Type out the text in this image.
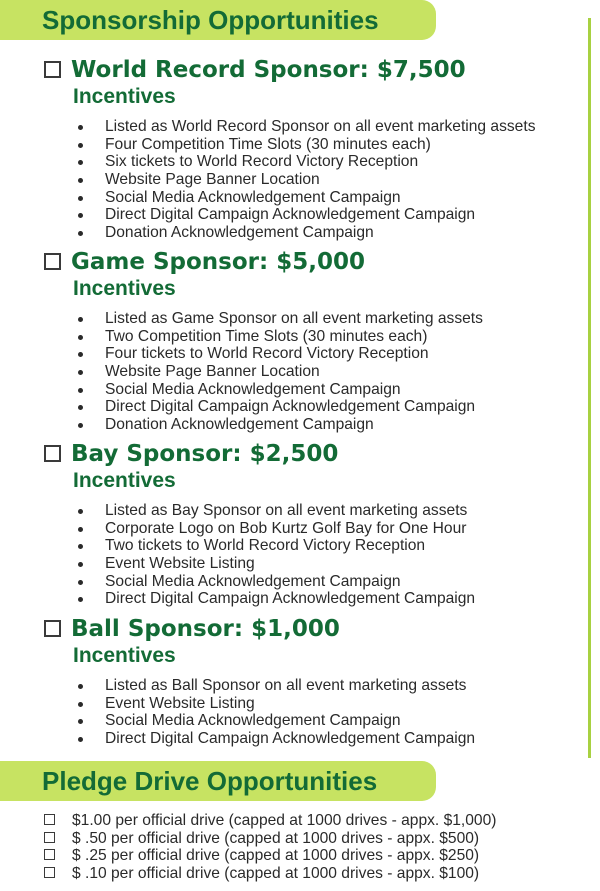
Sponsorship Opportunities
World Record Sponsor: $7,500
Incentives
Listed as World Record Sponsor on all event marketing assets
Four Competition Time Slots (30 minutes each)
Six tickets to World Record Victory Reception
Website Page Banner Location
Social Media Acknowledgement Campaign
Direct Digital Campaign Acknowledgement Campaign
Donation Acknowledgement Campaign
Game Sponsor: $5,000
Incentives
Listed as Game Sponsor on all event marketing assets
Two Competition Time Slots (30 minutes each)
Four tickets to World Record Victory Reception
Website Page Banner Location
Social Media Acknowledgement Campaign
Direct Digital Campaign Acknowledgement Campaign
Donation Acknowledgement Campaign
Bay Sponsor: $2,500
Incentives
Listed as Bay Sponsor on all event marketing assets
Corporate Logo on Bob Kurtz Golf Bay for One Hour
Two tickets to World Record Victory Reception
Event Website Listing
Social Media Acknowledgement Campaign
Direct Digital Campaign Acknowledgement Campaign
Ball Sponsor: $1,000
Incentives
Listed as Ball Sponsor on all event marketing assets
Event Website Listing
Social Media Acknowledgement Campaign
Direct Digital Campaign Acknowledgement Campaign
Pledge Drive Opportunities
$1.00 per official drive (capped at 1000 drives - appx. $1,000)
$ .50 per official drive (capped at 1000 drives - appx. $500)
$ .25 per official drive (capped at 1000 drives - appx. $250)
$ .10 per official drive (capped at 1000 drives - appx. $100)
